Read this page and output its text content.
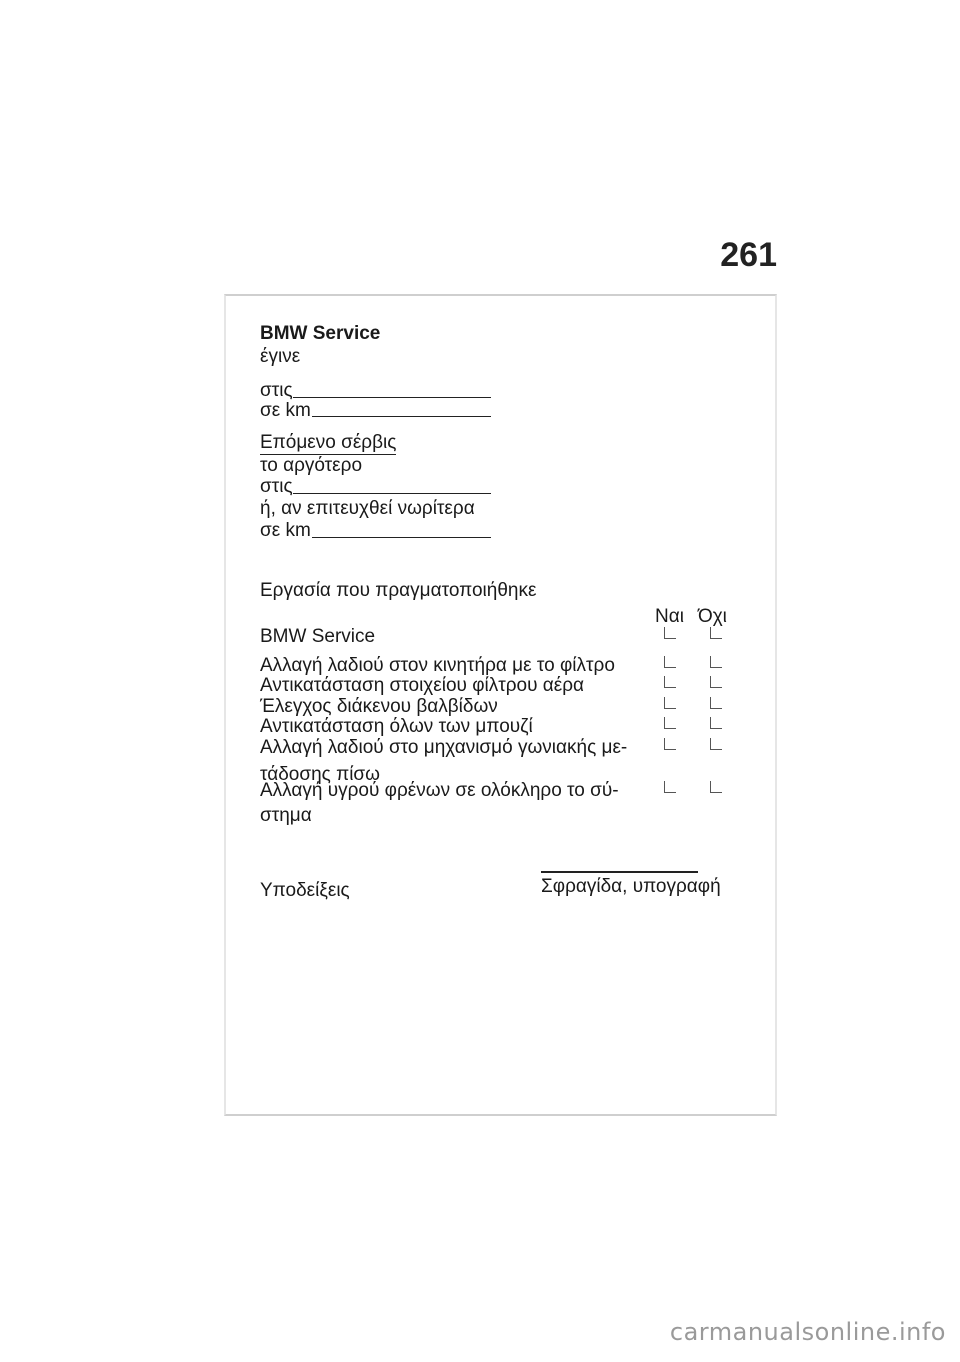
261
BMW Service
έγινε
στις
σε km
Επόμενο σέρβις
το αργότερο
στις
ή, αν επιτευχθεί νωρίτερα
σε km
Εργασία που πραγματοποιήθηκε
Ναι Όχι
BMW Service
Αλλαγή λαδιού στον κινητήρα με το φίλτρο
Αντικατάσταση στοιχείου φίλτρου αέρα
Έλεγχος διάκενου βαλβίδων
Αντικατάσταση όλων των μπουζί
Αλλαγή λαδιού στο μηχανισμό γωνιακής με-
τάδοσης πίσω
Αλλαγή υγρού φρένων σε ολόκληρο το σύ-
στημα
Υποδείξεις	Σφραγίδα, υπογραφή
carmanualsonline.info
